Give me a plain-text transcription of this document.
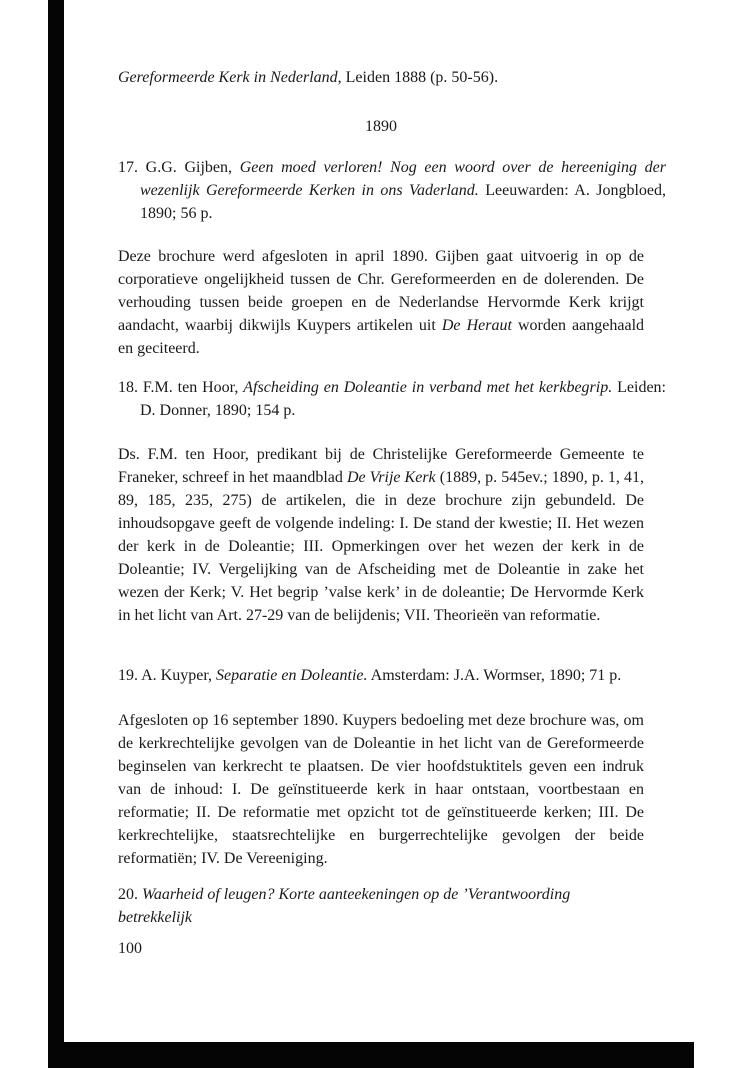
Gereformeerde Kerk in Nederland, Leiden 1888 (p. 50-56).

1890

17. G.G. Gijben, Geen moed verloren! Nog een woord over de hereeniging der wezenlijk Gereformeerde Kerken in ons Vaderland. Leeuwarden: A. Jongbloed, 1890; 56 p.

Deze brochure werd afgesloten in april 1890. Gijben gaat uitvoerig in op de corporatieve ongelijkheid tussen de Chr. Gereformeerden en de dolerenden. De verhouding tussen beide groepen en de Nederlandse Hervormde Kerk krijgt aandacht, waarbij dikwijls Kuypers artikelen uit De Heraut worden aangehaald en geciteerd.

18. F.M. ten Hoor, Afscheiding en Doleantie in verband met het kerkbegrip. Leiden: D. Donner, 1890; 154 p.

Ds. F.M. ten Hoor, predikant bij de Christelijke Gereformeerde Gemeente te Franeker, schreef in het maandblad De Vrije Kerk (1889, p. 545ev.; 1890, p. 1, 41, 89, 185, 235, 275) de artikelen, die in deze brochure zijn gebundeld. De inhoudsopgave geeft de volgende indeling: I. De stand der kwestie; II. Het wezen der kerk in de Doleantie; III. Opmerkingen over het wezen der kerk in de Doleantie; IV. Vergelijking van de Afscheiding met de Doleantie in zake het wezen der Kerk; V. Het begrip ’valse kerk’ in de doleantie; De Hervormde Kerk in het licht van Art. 27-29 van de belijdenis; VII. Theorieën van reformatie.

19. A. Kuyper, Separatie en Doleantie. Amsterdam: J.A. Wormser, 1890; 71 p.

Afgesloten op 16 september 1890. Kuypers bedoeling met deze brochure was, om de kerkrechtelijke gevolgen van de Doleantie in het licht van de Gereformeerde beginselen van kerkrecht te plaatsen. De vier hoofdstuktitels geven een indruk van de inhoud: I. De geïnstitueerde kerk in haar ontstaan, voortbestaan en reformatie; II. De reformatie met opzicht tot de geïnstitueerde kerken; III. De kerkrechtelijke, staatsrechtelijke en burgerrechtelijke gevolgen der beide reformatiën; IV. De Vereeniging.

20. Waarheid of leugen? Korte aanteekeningen op de ’Verantwoording betrekkelijk

100
